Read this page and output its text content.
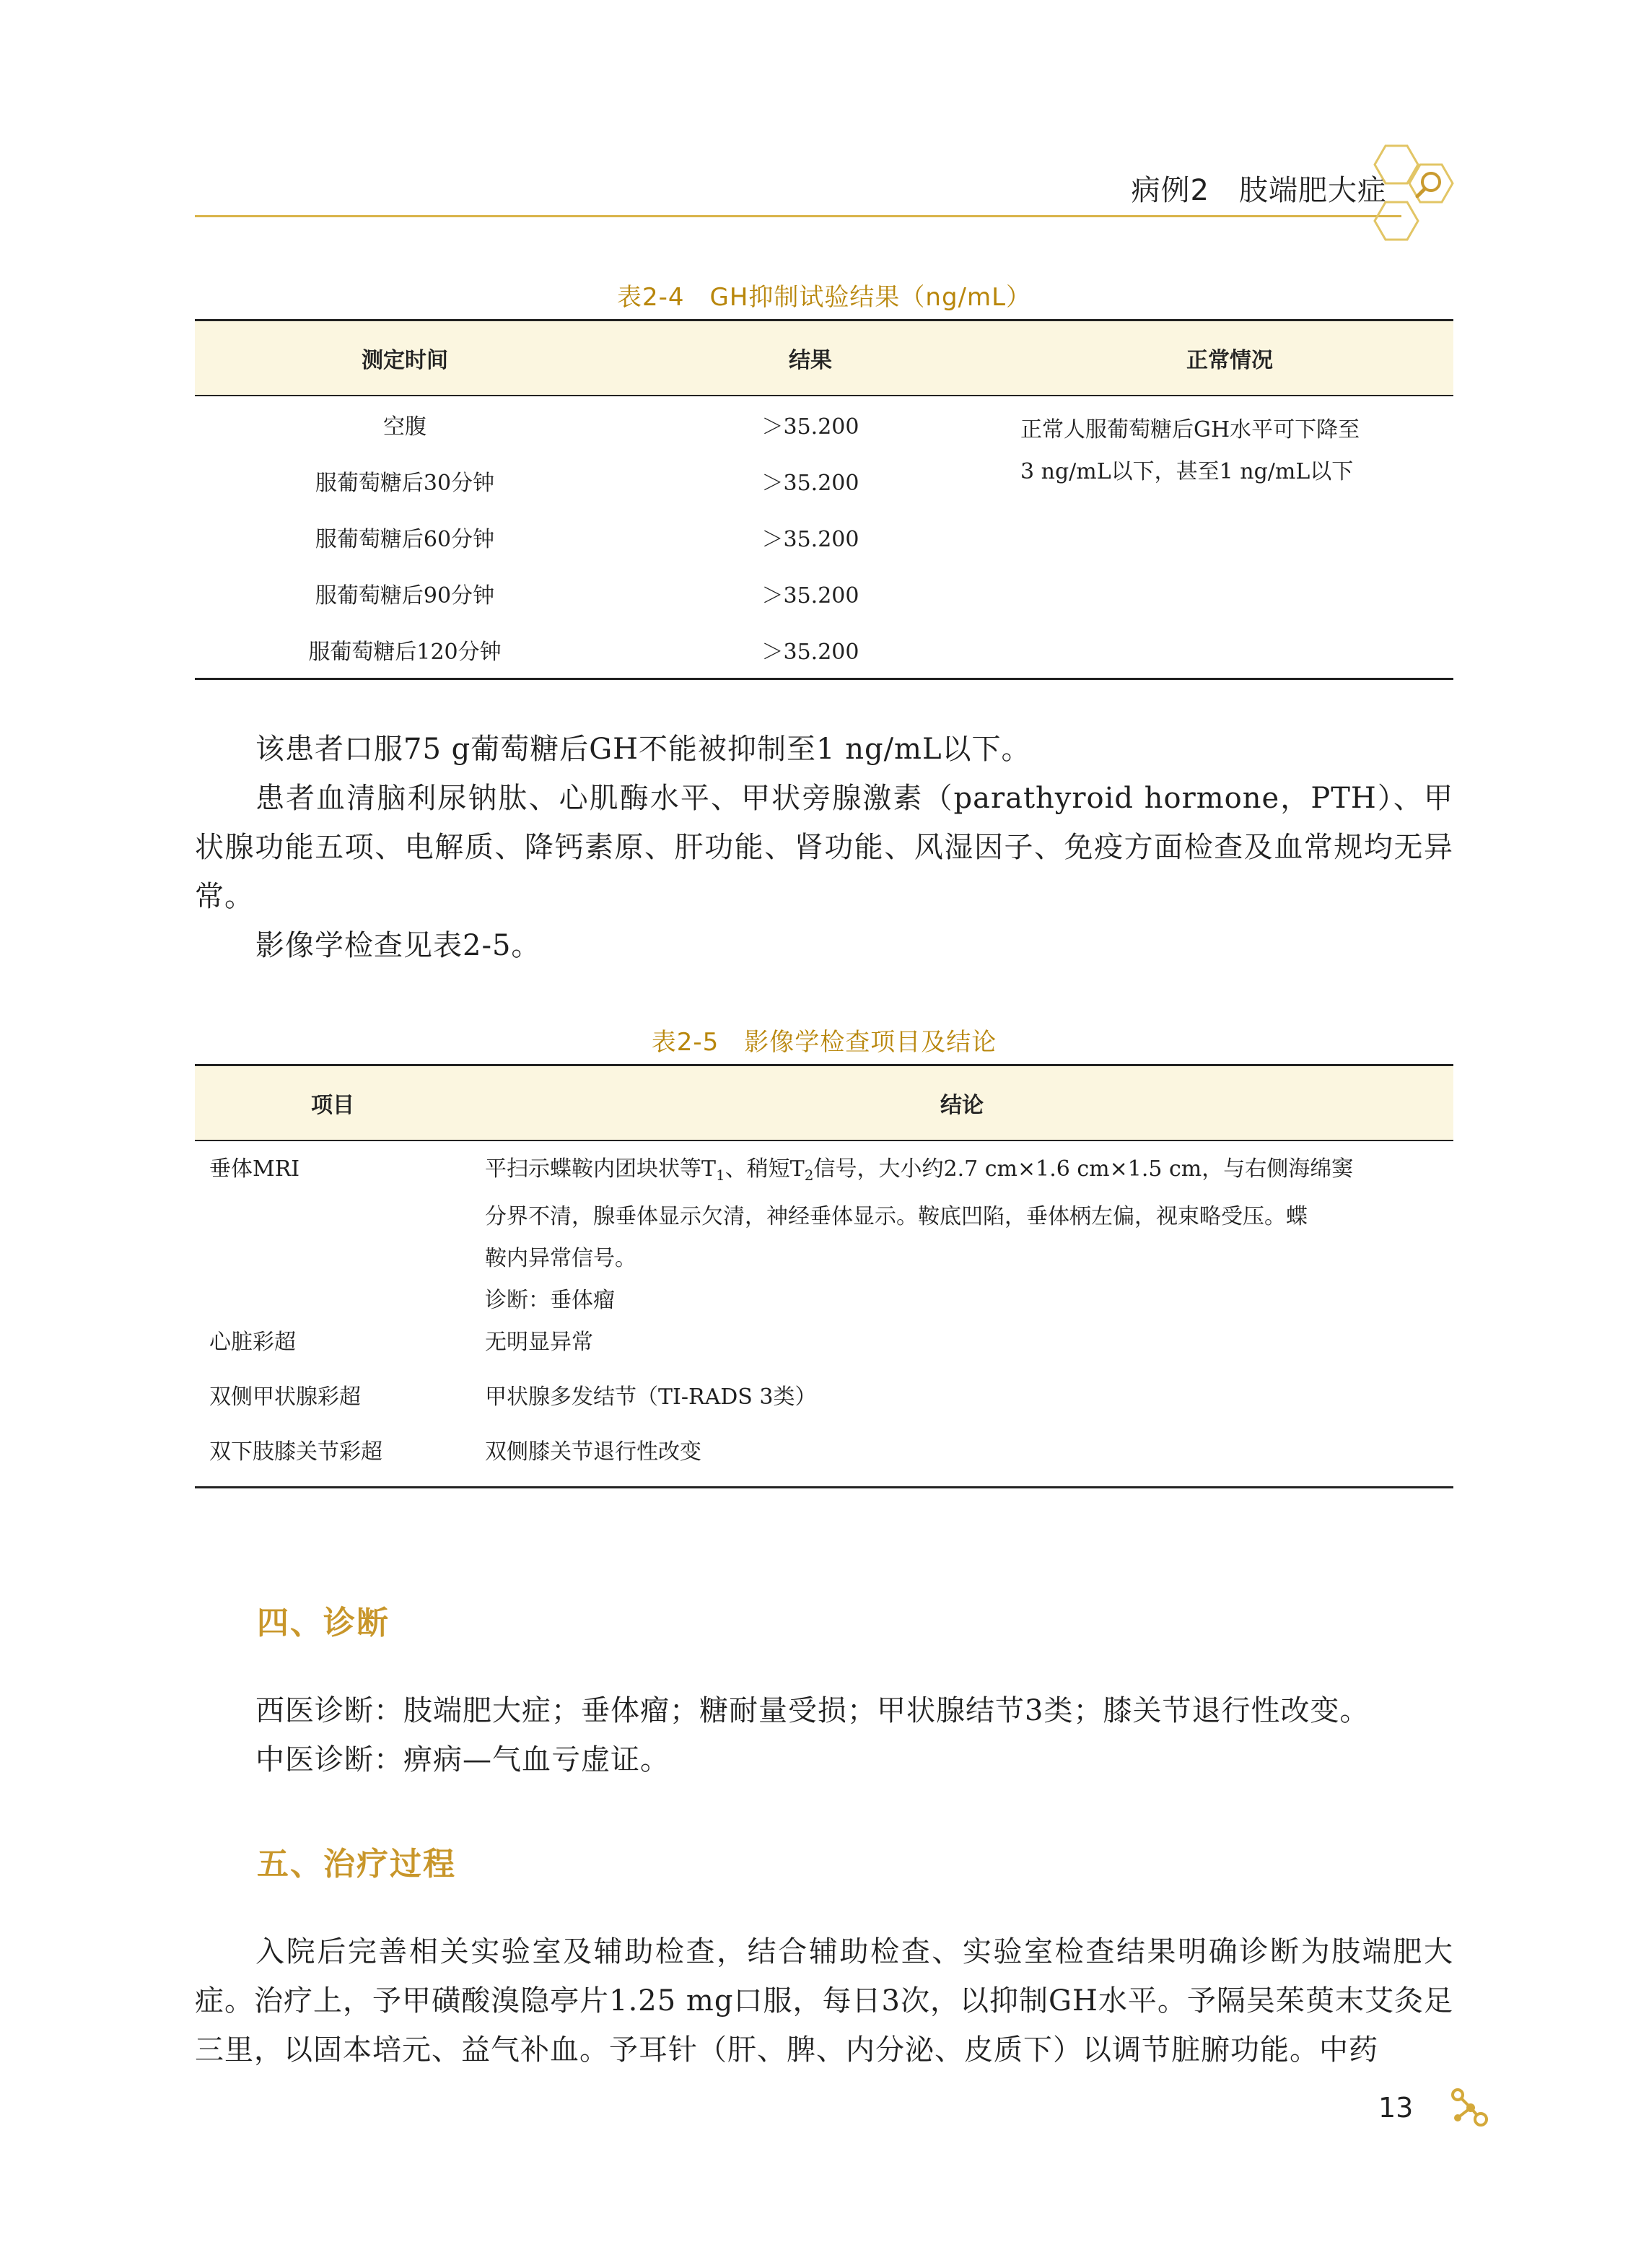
病例2　肢端肥大症
表2-4　GH抑制试验结果（ng/mL）
测定时间	结果	正常情况
空腹	＞35.200	正常人服葡萄糖后GH水平可下降至
3 ng/mL以下，甚至1 ng/mL以下

服葡萄糖后30分钟	＞35.200	
服葡萄糖后60分钟	＞35.200	
服葡萄糖后90分钟	＞35.200	
服葡萄糖后120分钟	＞35.200	
该患者口服75 g葡萄糖后GH不能被抑制至1 ng/mL以下。
患者血清脑利尿钠肽、心肌酶水平、甲状旁腺激素（parathyroid hormone，PTH）、甲状腺功能五项、电解质、降钙素原、肝功能、肾功能、风湿因子、免疫方面检查及血常规均无异常。
影像学检查见表2-5。
表2-5　影像学检查项目及结论
项目	结论
垂体MRI	平扫示蝶鞍内团块状等$T_1$、稍短$T_2$信号，大小约2.7 cm×1.6 cm×1.5 cm，与右侧海绵窦
分界不清，腺垂体显示欠清，神经垂体显示。鞍底凹陷，垂体柄左偏，视束略受压。蝶
鞍内异常信号。
诊断：垂体瘤

心脏彩超	无明显异常
双侧甲状腺彩超	甲状腺多发结节（TI-RADS 3类）
双下肢膝关节彩超	双侧膝关节退行性改变
四、诊断
西医诊断：肢端肥大症；垂体瘤；糖耐量受损；甲状腺结节3类；膝关节退行性改变。
中医诊断：痹病—气血亏虚证。
五、治疗过程
入院后完善相关实验室及辅助检查，结合辅助检查、实验室检查结果明确诊断为肢端肥大症。治疗上，予甲磺酸溴隐亭片1.25 mg口服，每日3次，以抑制GH水平。予隔吴茱萸末艾灸足三里，以固本培元、益气补血。予耳针（肝、脾、内分泌、皮质下）以调节脏腑功能。中药
13
